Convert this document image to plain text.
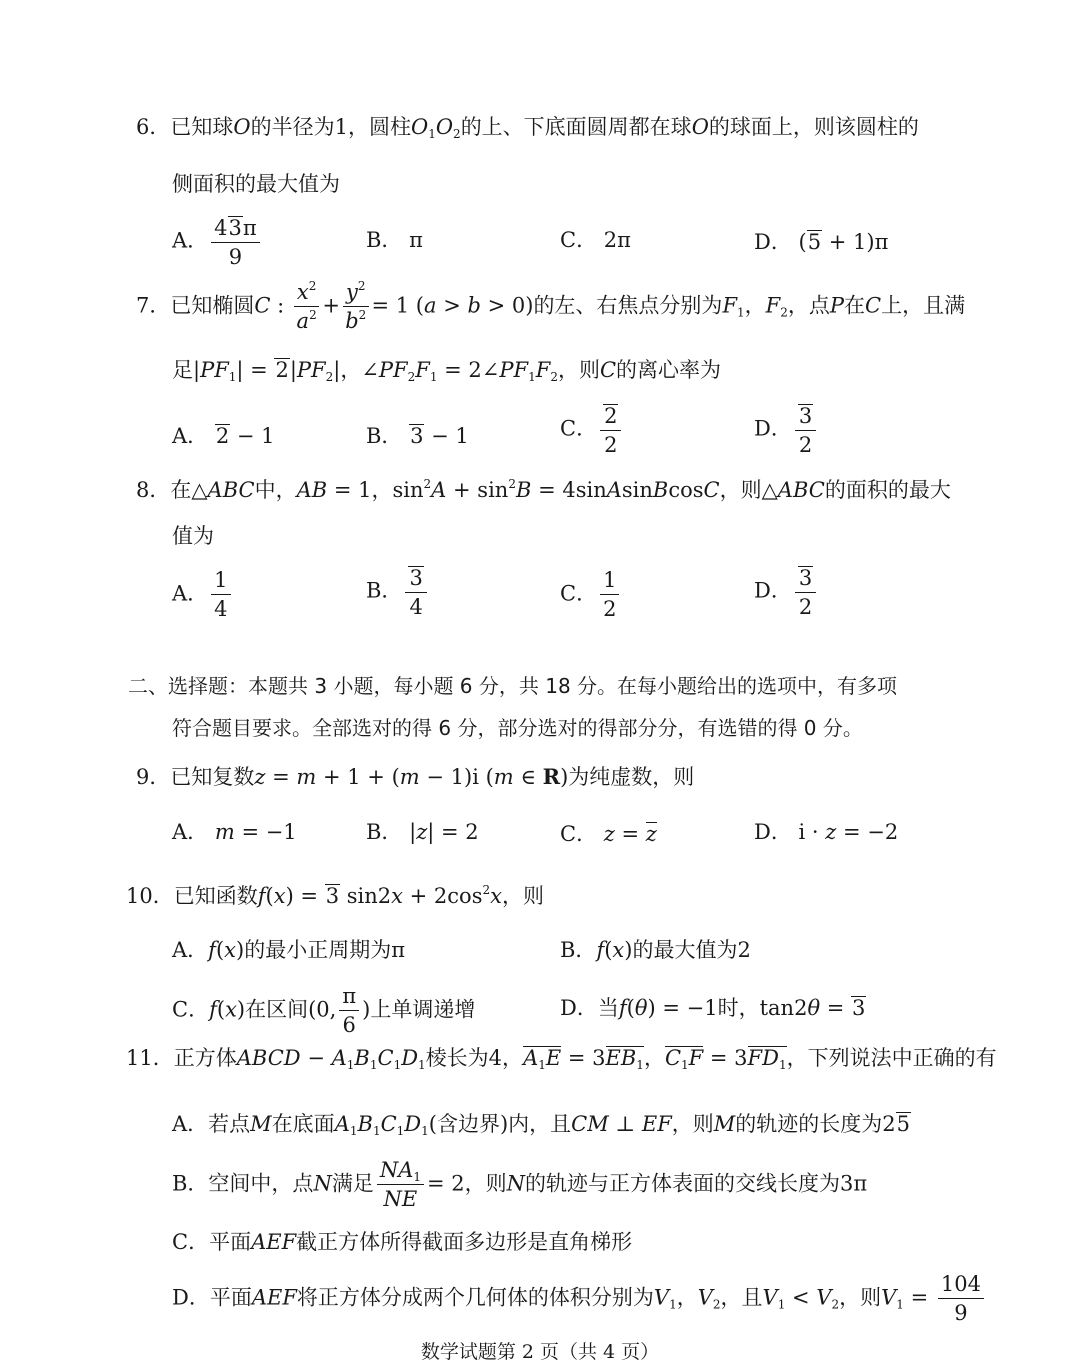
6．已知球O的半径为1，圆柱$O_1O_2$的上、下底面圆周都在球O的球面上，则该圆柱的
侧面积的最大值为
A． $\frac{43\pi}{9}$	B． π	C． 2π	D． (5 + 1)π
7．已知椭圆C : $\frac{x^2}{a^2} + \frac{y^2}{b^2} = 1$ (a > b > 0)的左、右焦点分别为$F_1$，$F_2$，点P在C上，且满
足$|PF_1| = 2|PF_2|$，$\angle PF_2F_1$ = $2\angle PF_1F_2$，则C的离心率为
A． 2 − 1	B． 3 − 1	C． $\frac{2}{2}$	D． $\frac{3}{2}$
8．在△ABC中，AB = 1，$\sin^2A + \sin^2B$ = 4sinAsinBcosC，则△ABC的面积的最大
值为
A． $\frac{1}{4}$	B． $\frac{3}{4}$	C． $\frac{1}{2}$	D． $\frac{3}{2}$
二、选择题：本题共 3 小题，每小题 6 分，共 18 分。在每小题给出的选项中，有多项
符合题目要求。全部选对的得 6 分，部分选对的得部分分，有选错的得 0 分。
9．已知复数z = m + 1 + (m − 1)i (m ∈ R)为纯虚数，则
A． m = −1	B． |z| = 2	C． z = z	D． i · z = −2
10．已知函数f(x) = 3 $\sin 2x + 2\cos^2x$，则
A．f(x)的最小正周期为π	B．f(x)的最大值为2
C．f(x)在区间(0, $\frac{\pi}{6}$ )上单调递增	D．当f(θ) = −1时，tan2θ = 3
11．正方体ABCD − $A_1B_1C_1D_1$棱长为4，$A_1E = 3EB_1$，$C_1F = 3FD_1$，下列说法中正确的有
A．若点M在底面$A_1B_1C_1D_1$(含边界)内，且CM ⊥ EF，则M的轨迹的长度为25
B．空间中，点N满足 $\frac{NA_1}{NE} = 2$，则N的轨迹与正方体表面的交线长度为3π
C．平面AEF截正方体所得截面多边形是直角梯形
D．平面AEF将正方体分成两个几何体的体积分别为$V_1$，$V_2$，且$V_1 < V_2$，则$V_1 = \frac{104}{9}$
数学试题第 2 页（共 4 页）
